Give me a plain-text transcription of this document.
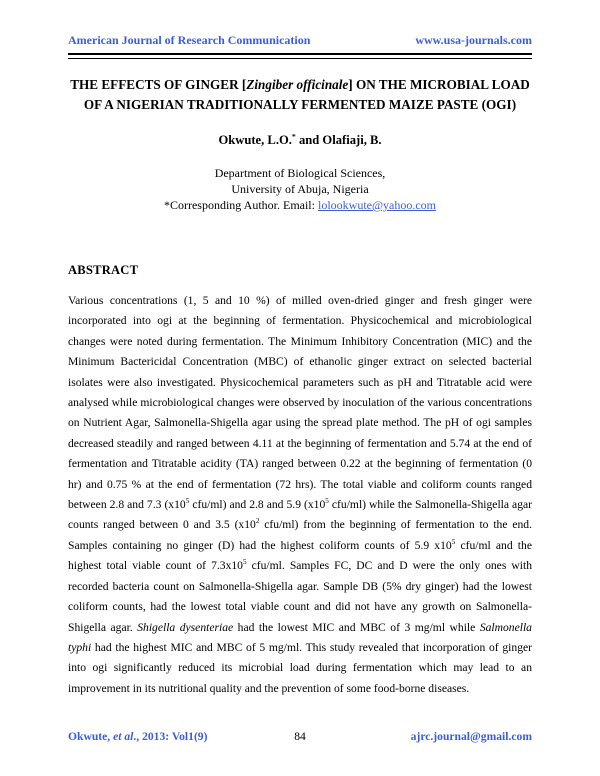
American Journal of Research Communication	www.usa-journals.com
THE EFFECTS OF GINGER [Zingiber officinale] ON THE MICROBIAL LOAD
OF A NIGERIAN TRADITIONALLY FERMENTED MAIZE PASTE (OGI)
Okwute, L.O.* and Olafiaji, B.
Department of Biological Sciences,
University of Abuja, Nigeria
*Corresponding Author. Email: lolookwute@yahoo.com
ABSTRACT

Various concentrations (1, 5 and 10 %) of milled oven-dried ginger and fresh ginger were incorporated into ogi at the beginning of fermentation. Physicochemical and microbiological changes were noted during fermentation. The Minimum Inhibitory Concentration (MIC) and the Minimum Bactericidal Concentration (MBC) of ethanolic ginger extract on selected bacterial isolates were also investigated. Physicochemical parameters such as pH and Titratable acid were analysed while microbiological changes were observed by inoculation of the various concentrations on Nutrient Agar, Salmonella-Shigella agar using the spread plate method. The pH of ogi samples decreased steadily and ranged between 4.11 at the beginning of fermentation and 5.74 at the end of fermentation and Titratable acidity (TA) ranged between 0.22 at the beginning of fermentation (0 hr) and 0.75 % at the end of fermentation (72 hrs). The total viable and coliform counts ranged between 2.8 and 7.3 ($x10^5$ cfu/ml) and 2.8 and 5.9 ($x10^5$ cfu/ml) while the Salmonella-Shigella agar counts ranged between 0 and 3.5 ($x10^2$ cfu/ml) from the beginning of fermentation to the end. Samples containing no ginger (D) had the highest coliform counts of 5.9 $x10^5$ cfu/ml and the highest total viable count of $7.3x10^5$ cfu/ml. Samples FC, DC and D were the only ones with recorded bacteria count on Salmonella-Shigella agar. Sample DB (5% dry ginger) had the lowest coliform counts, had the lowest total viable count and did not have any growth on Salmonella-Shigella agar. Shigella dysenteriae had the lowest MIC and MBC of 3 mg/ml while Salmonella typhi had the highest MIC and MBC of 5 mg/ml. This study revealed that incorporation of ginger into ogi significantly reduced its microbial load during fermentation which may lead to an improvement in its nutritional quality and the prevention of some food-borne diseases.

Okwute, et al., 2013: Vol1(9)	84	ajrc.journal@gmail.com
